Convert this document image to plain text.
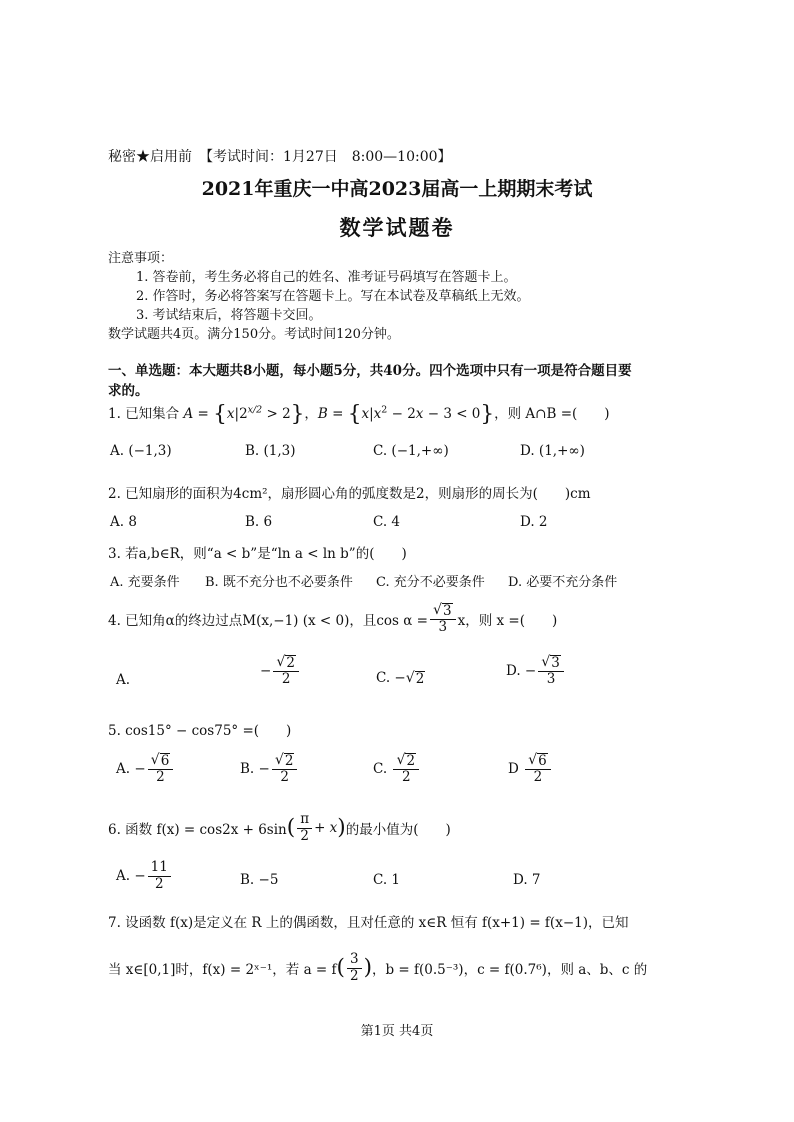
秘密★启用前　【考试时间：1月27日　8:00—10:00】
2021年重庆一中高2023届高一上期期末考试
数学试题卷
注意事项：
1. 答卷前，考生务必将自己的姓名、准考证号码填写在答题卡上。
2. 作答时，务必将答案写在答题卡上。写在本试卷及草稿纸上无效。
3. 考试结束后，将答题卡交回。
数学试题共4页。满分150分。考试时间120分钟。
一、单选题：本大题共8小题，每小题5分，共40分。四个选项中只有一项是符合题目要
求的。
1. 已知集合 $A = \{x|2^{x/2} > 2\}$，$B = \{x|x^2 - 2x - 3 < 0\}$，则 A∩B =(　　)
A. (−1,3)	B. (1,3)	C. (−1,+∞)	D. (1,+∞)
2. 已知扇形的面积为4cm²，扇形圆心角的弧度数是2，则扇形的周长为(　　)cm
A. 8	B. 6	C. 4	D. 2
3. 若a,b∈R，则“a < b”是“ln a < ln b”的(　　)
A. 充要条件 B. 既不充分也不必要条件 C. 充分不必要条件 D. 必要不充分条件
4. 已知角α的终边过点M(x,−1) (x < 0)，且$\cos \alpha = \frac{√ 3}{3}$ x，则 x =(　　)
A.
− $\frac{√ 2}{2}$	C. − √ 2	D. − $\frac{√ 3}{3}$
5. cos15° − cos75° =(　　)
A. − $\frac{√ 6}{2}$	B. − $\frac{√ 2}{2}$	C.
$\frac{√ 2}{2}$	D
$\frac{√ 6}{2}$
6. 函数 f(x) = cos2x + 6sin ( $\frac{\pi}{2} + x$ ) 的最小值为(　　)
A. − $\frac{11}{2}$	B. −5	C. 1	D. 7
7. 设函数 f(x)是定义在 R 上的偶函数，且对任意的 x∈R 恒有 f(x+1) = f(x−1)，已知
当 x∈[0,1]时，f(x) = 2ˣ⁻¹，若 a = f ( $\frac{3}{2}$ ) ，b = f(0.5⁻³)，c = f(0.7⁶)，则 a、b、c 的
第1页 共4页
